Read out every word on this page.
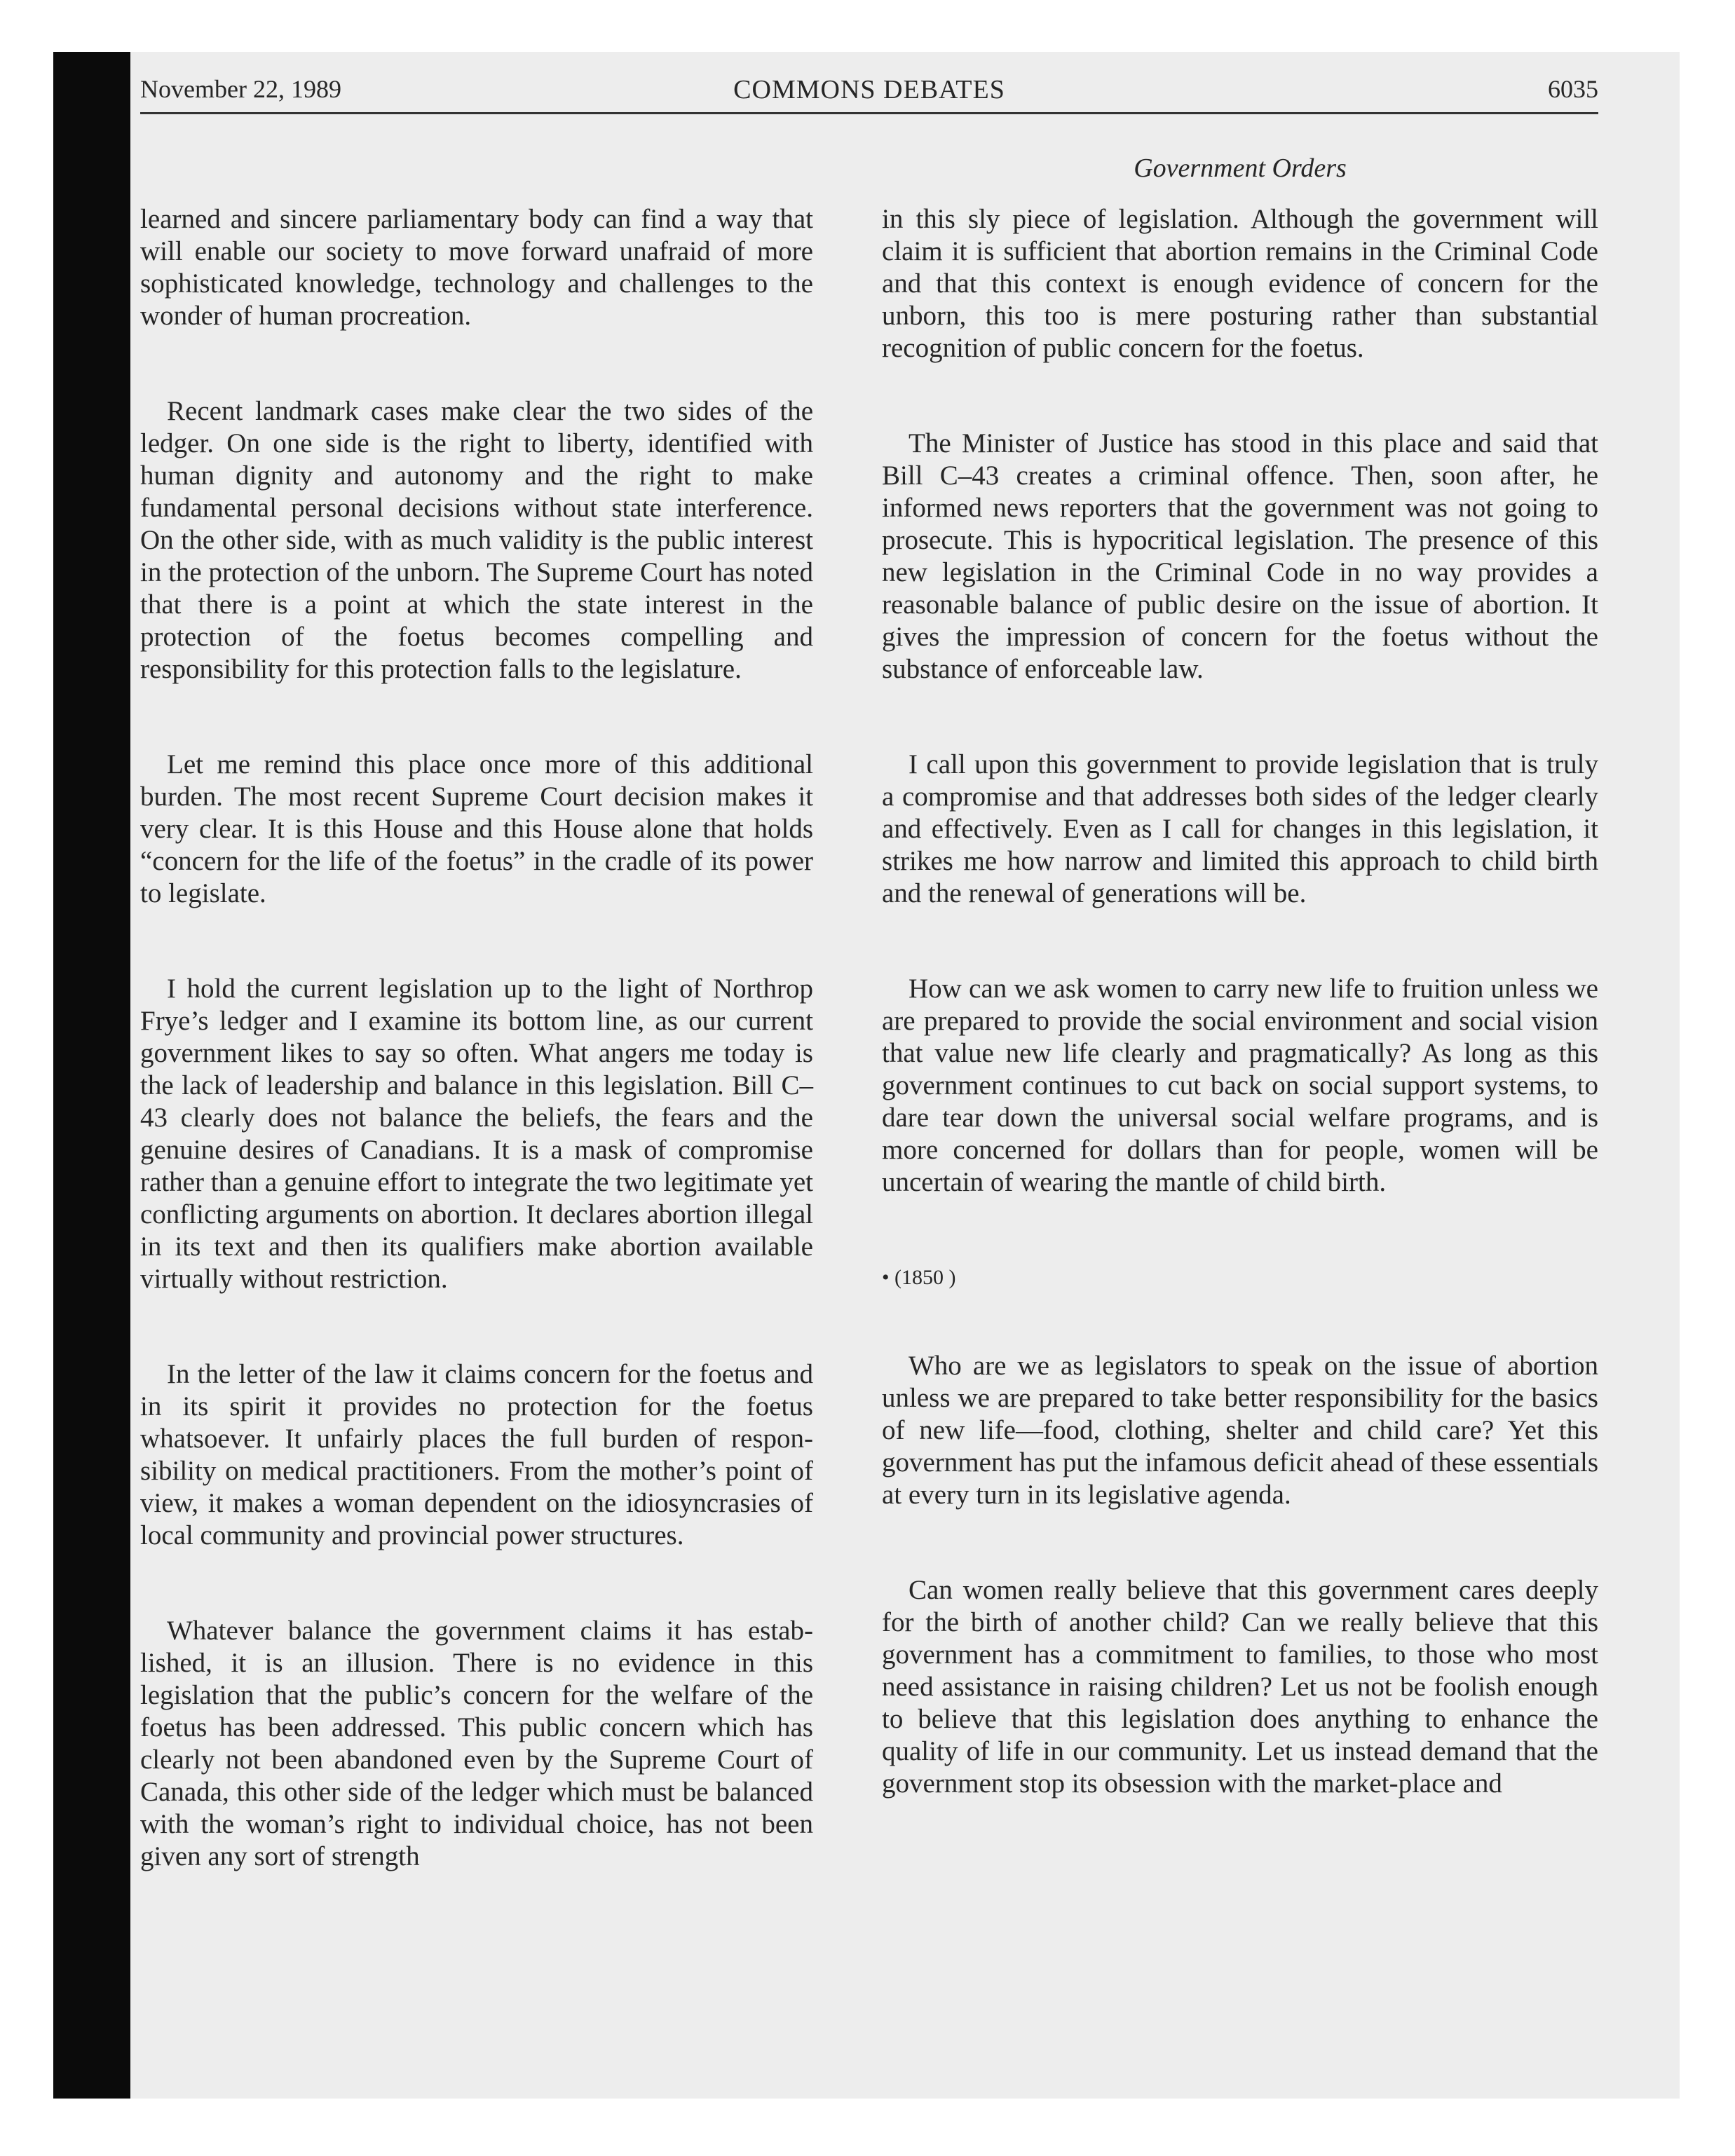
November 22, 1989	COMMONS DEBATES	6035
Government Orders

learned and sincere parliamentary body can find a way that will enable our society to move forward unafraid of more sophisticated knowledge, technology and challenges to the wonder of human procreation.

Recent landmark cases make clear the two sides of the ledger. On one side is the right to liberty, identified with human dignity and autonomy and the right to make fundamental personal decisions without state interference. On the other side, with as much validity is the public interest in the protection of the unborn. The Supreme Court has noted that there is a point at which the state interest in the protection of the foetus becomes compelling and responsibility for this protection falls to the legislature.

Let me remind this place once more of this additional burden. The most recent Supreme Court decision makes it very clear. It is this House and this House alone that holds “concern for the life of the foetus” in the cradle of its power to legislate.

I hold the current legislation up to the light of Northrop Frye’s ledger and I examine its bottom line, as our current government likes to say so often. What angers me today is the lack of leadership and balance in this legislation. Bill C–43 clearly does not balance the beliefs, the fears and the genuine desires of Canadians. It is a mask of compromise rather than a genuine effort to integrate the two legitimate yet conflicting arguments on abortion. It declares abortion illegal in its text and then its qualifiers make abortion available virtually without restriction.

In the letter of the law it claims concern for the foetus and in its spirit it provides no protection for the foetus whatsoever. It unfairly places the full burden of responsibility on medical practitioners. From the mother’s point of view, it makes a woman dependent on the idiosyncrasies of local community and provincial power structures.

Whatever balance the government claims it has established, it is an illusion. There is no evidence in this legislation that the public’s concern for the welfare of the foetus has been addressed. This public concern which has clearly not been abandoned even by the Supreme Court of Canada, this other side of the ledger which must be balanced with the woman’s right to individual choice, has not been given any sort of strength

in this sly piece of legislation. Although the government will claim it is sufficient that abortion remains in the Criminal Code and that this context is enough evidence of concern for the unborn, this too is mere posturing rather than substantial recognition of public concern for the foetus.

The Minister of Justice has stood in this place and said that Bill C–43 creates a criminal offence. Then, soon after, he informed news reporters that the government was not going to prosecute. This is hypocritical legislation. The presence of this new legislation in the Criminal Code in no way provides a reasonable balance of public desire on the issue of abortion. It gives the impression of concern for the foetus without the substance of enforceable law.

I call upon this government to provide legislation that is truly a compromise and that addresses both sides of the ledger clearly and effectively. Even as I call for changes in this legislation, it strikes me how narrow and limited this approach to child birth and the renewal of generations will be.

How can we ask women to carry new life to fruition unless we are prepared to provide the social environment and social vision that value new life clearly and pragmatically? As long as this government continues to cut back on social support systems, to dare tear down the universal social welfare programs, and is more concerned for dollars than for people, women will be uncertain of wearing the mantle of child birth.

• (1850 )

Who are we as legislators to speak on the issue of abortion unless we are prepared to take better responsibility for the basics of new life—food, clothing, shelter and child care? Yet this government has put the infamous deficit ahead of these essentials at every turn in its legislative agenda.

Can women really believe that this government cares deeply for the birth of another child? Can we really believe that this government has a commitment to families, to those who most need assistance in raising children? Let us not be foolish enough to believe that this legislation does anything to enhance the quality of life in our community. Let us instead demand that the government stop its obsession with the market-place and
